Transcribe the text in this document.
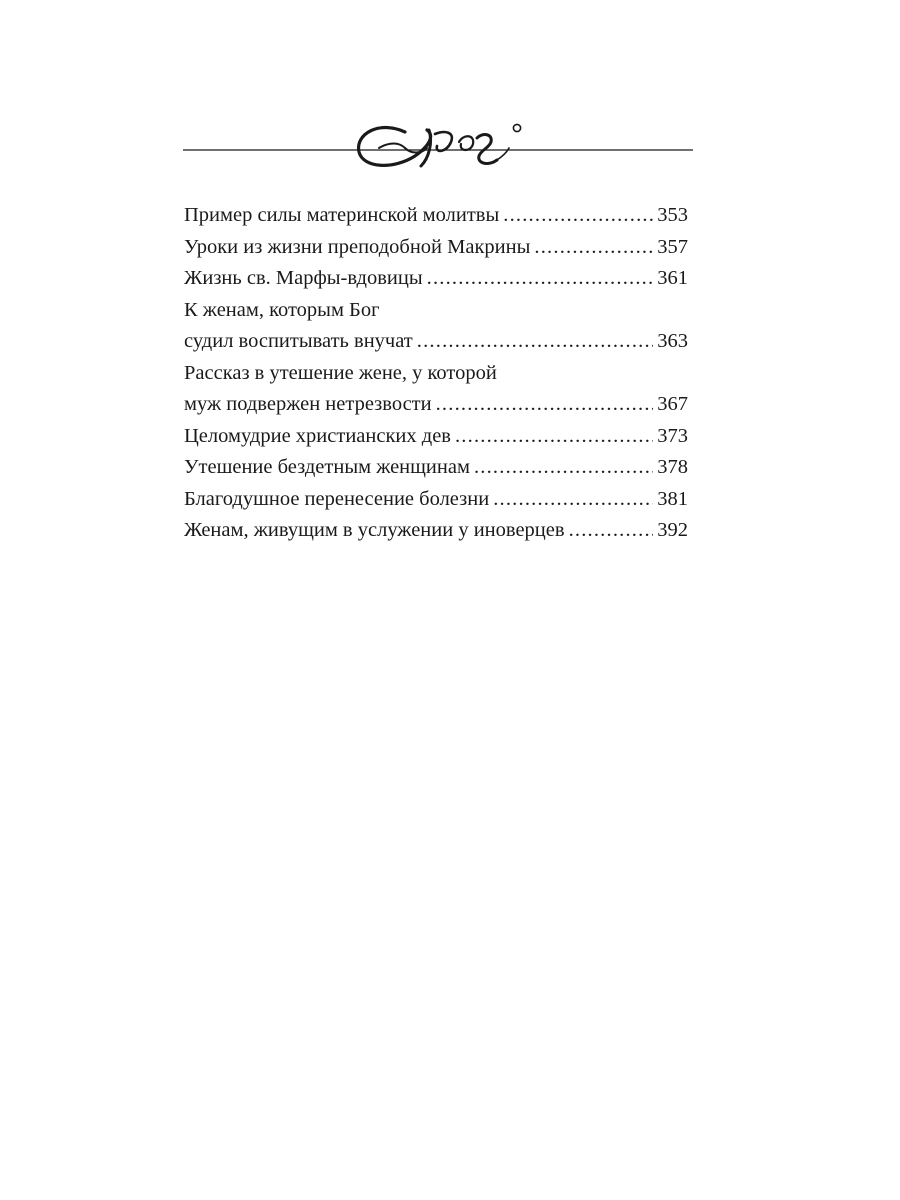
Пример силы материнской молитвы .....	353
Уроки из жизни преподобной Макрины .....	357
Жизнь св. Марфы-вдовицы .....	361
К женам, которым Бог
судил воспитывать внучат .....	363
Рассказ в утешение жене, у которой
муж подвержен нетрезвости .....	367
Целомудрие христианских дев .....	373
Утешение бездетным женщинам .....	378
Благодушное перенесение болезни .....	381
Женам, живущим в услужении у иноверцев .....	392
